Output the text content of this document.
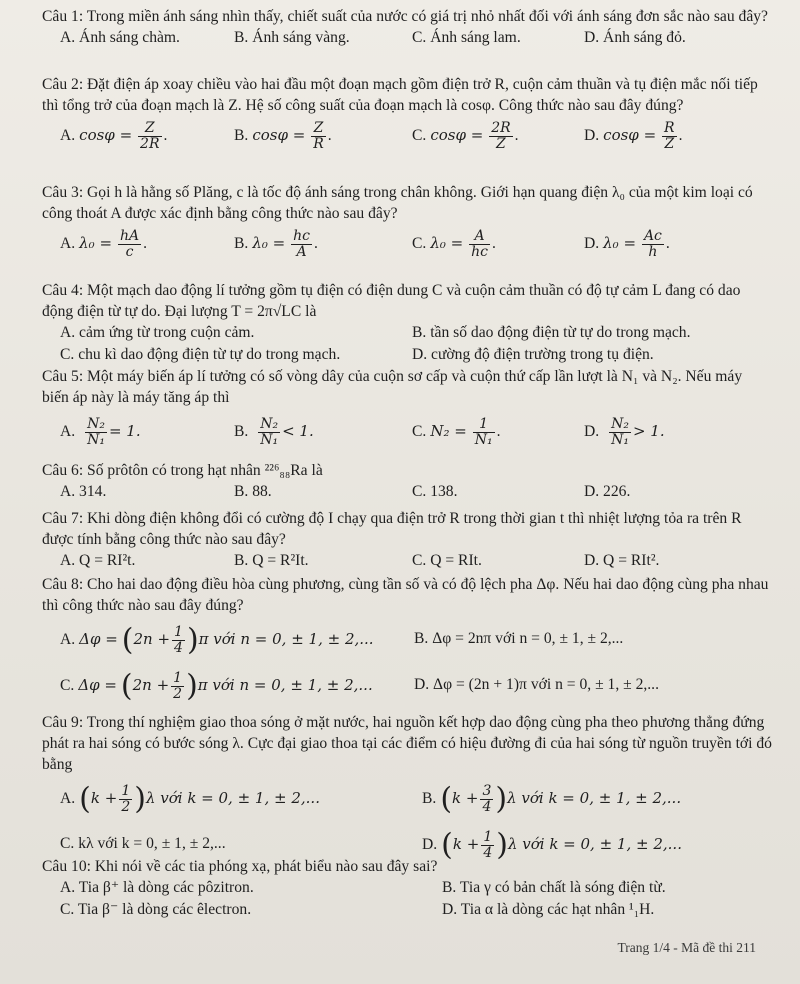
Câu 1: Trong miền ánh sáng nhìn thấy, chiết suất của nước có giá trị nhỏ nhất đối với ánh sáng đơn sắc nào sau đây?

A. Ánh sáng chàm.	B. Ánh sáng vàng.	C. Ánh sáng lam.	D. Ánh sáng đỏ.

Câu 2: Đặt điện áp xoay chiều vào hai đầu một đoạn mạch gồm điện trở R, cuộn cảm thuần và tụ điện mắc nối tiếp thì tổng trở của đoạn mạch là Z. Hệ số công suất của đoạn mạch là cosφ. Công thức nào sau đây đúng?

A. $\cos\varphi = \frac{Z}{2R}$ .	B. $\cos\varphi = \frac{Z}{R}$ .	C. $\cos\varphi = \frac{2R}{Z}$ .	D. $\cos\varphi = \frac{R}{Z}$ .

Câu 3: Gọi h là hằng số Plăng, c là tốc độ ánh sáng trong chân không. Giới hạn quang điện λ₀ của một kim loại có công thoát A được xác định bằng công thức nào sau đây?

A. $\lambda_0 = \frac{hA}{c}$ .	B. $\lambda_0 = \frac{hc}{A}$ .	C. $\lambda_0 = \frac{A}{hc}$ .	D. $\lambda_0 = \frac{Ac}{h}$ .

Câu 4: Một mạch dao động lí tưởng gồm tụ điện có điện dung C và cuộn cảm thuần có độ tự cảm L đang có dao động điện từ tự do. Đại lượng T = 2π√LC là

A. cảm ứng từ trong cuộn cảm.	B. tần số dao động điện từ tự do trong mạch.
C. chu kì dao động điện từ tự do trong mạch.	D. cường độ điện trường trong tụ điện.

Câu 5: Một máy biến áp lí tưởng có số vòng dây của cuộn sơ cấp và cuộn thứ cấp lần lượt là N₁ và N₂. Nếu máy biến áp này là máy tăng áp thì

A. $\frac{\text{N₂}}{\text{N₁}} = 1$.	B. $\frac{\text{N₂}}{\text{N₁}} < 1$.	C. $N_2 = \frac{1}{\text{N₁}}$ .	D. $\frac{\text{N₂}}{\text{N₁}} > 1$.

Câu 6: Số prôtôn có trong hạt nhân ²²⁶₈₈Ra là

A. 314.	B. 88.	C. 138.	D. 226.

Câu 7: Khi dòng điện không đổi có cường độ I chạy qua điện trở R trong thời gian t thì nhiệt lượng tỏa ra trên R được tính bằng công thức nào sau đây?

A. Q = RI²t.	B. Q = R²It.	C. Q = RIt.	D. Q = RIt².

Câu 8: Cho hai dao động điều hòa cùng phương, cùng tần số và có độ lệch pha Δφ. Nếu hai dao động cùng pha nhau thì công thức nào sau đây đúng?

A. $\Delta\varphi = (2n + \frac{1}{4} )\pi$ với n = 0, ± 1, ± 2,...	B. Δφ = 2nπ với n = 0, ± 1, ± 2,...
C. $\Delta\varphi = (2n + \frac{1}{2} )\pi$ với n = 0, ± 1, ± 2,...	D. Δφ = (2n + 1)π với n = 0, ± 1, ± 2,...

Câu 9: Trong thí nghiệm giao thoa sóng ở mặt nước, hai nguồn kết hợp dao động cùng pha theo phương thẳng đứng phát ra hai sóng có bước sóng λ. Cực đại giao thoa tại các điểm có hiệu đường đi của hai sóng từ nguồn truyền tới đó bằng

A. $(k + \frac{1}{2} )\lambda$ với k = 0, ± 1, ± 2,...	B. $(k + \frac{3}{4} )\lambda$ với k = 0, ± 1, ± 2,...
C. kλ với k = 0, ± 1, ± 2,...	D. $(k + \frac{1}{4} )\lambda$ với k = 0, ± 1, ± 2,...

Câu 10: Khi nói về các tia phóng xạ, phát biểu nào sau đây sai?

A. Tia β⁺ là dòng các pôzitron.	B. Tia γ có bản chất là sóng điện từ.
C. Tia β⁻ là dòng các êlectron.	D. Tia α là dòng các hạt nhân ¹₁H.
Trang 1/4 - Mã đề thi 211
